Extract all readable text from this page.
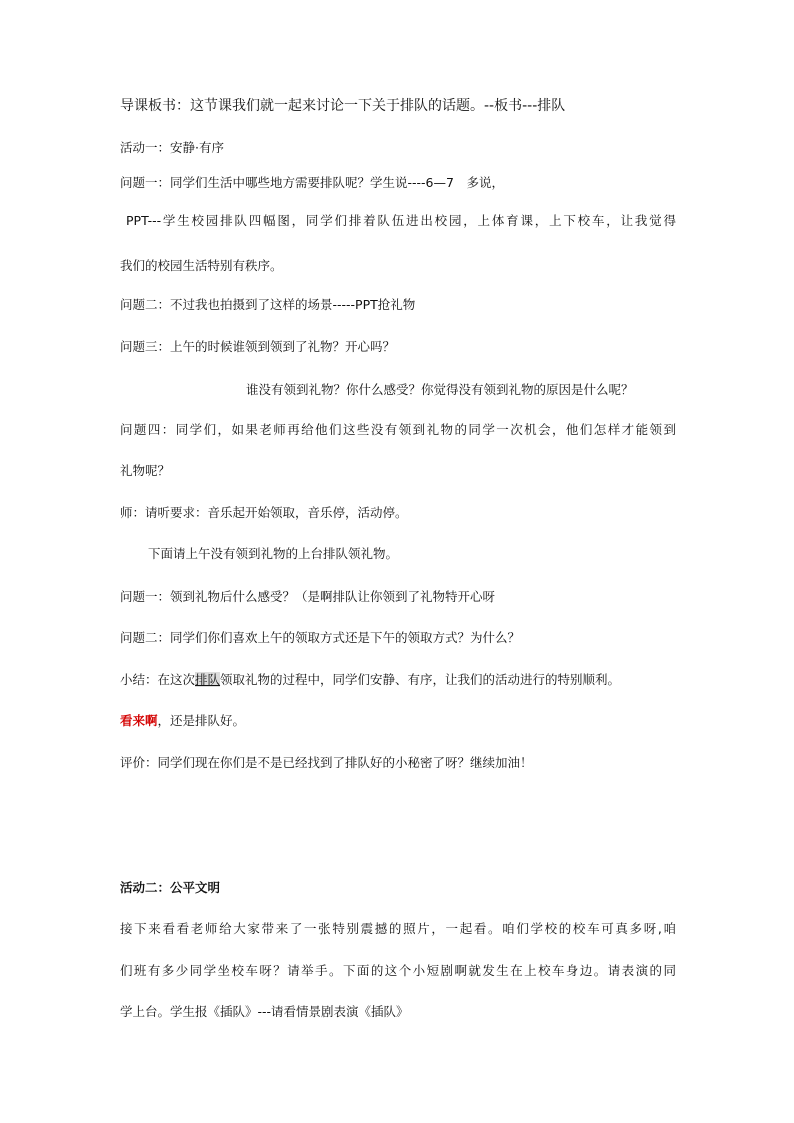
导课板书：这节课我们就一起来讨论一下关于排队的话题。--板书---排队
活动一：安静·有序
问题一：同学们生活中哪些地方需要排队呢？学生说----6—7　多说，
PPT---学生校园排队四幅图，同学们排着队伍进出校园，上体育课，上下校车，让我觉得
我们的校园生活特别有秩序。
问题二：不过我也拍摄到了这样的场景-----PPT抢礼物
问题三：上午的时候谁领到领到了礼物？开心吗？
谁没有领到礼物？你什么感受？你觉得没有领到礼物的原因是什么呢？
问题四：同学们，如果老师再给他们这些没有领到礼物的同学一次机会，他们怎样才能领到
礼物呢？
师：请听要求：音乐起开始领取，音乐停，活动停。
下面请上午没有领到礼物的上台排队领礼物。
问题一：领到礼物后什么感受？（是啊排队让你领到了礼物特开心呀
问题二：同学们你们喜欢上午的领取方式还是下午的领取方式？为什么？
小结：在这次排队领取礼物的过程中，同学们安静、有序，让我们的活动进行的特别顺利。
看来啊，还是排队好。
评价：同学们现在你们是不是已经找到了排队好的小秘密了呀？继续加油！
活动二：公平文明
接下来看看老师给大家带来了一张特别震撼的照片，一起看。咱们学校的校车可真多呀,咱
们班有多少同学坐校车呀？请举手。下面的这个小短剧啊就发生在上校车身边。请表演的同
学上台。学生报《插队》---请看情景剧表演《插队》
